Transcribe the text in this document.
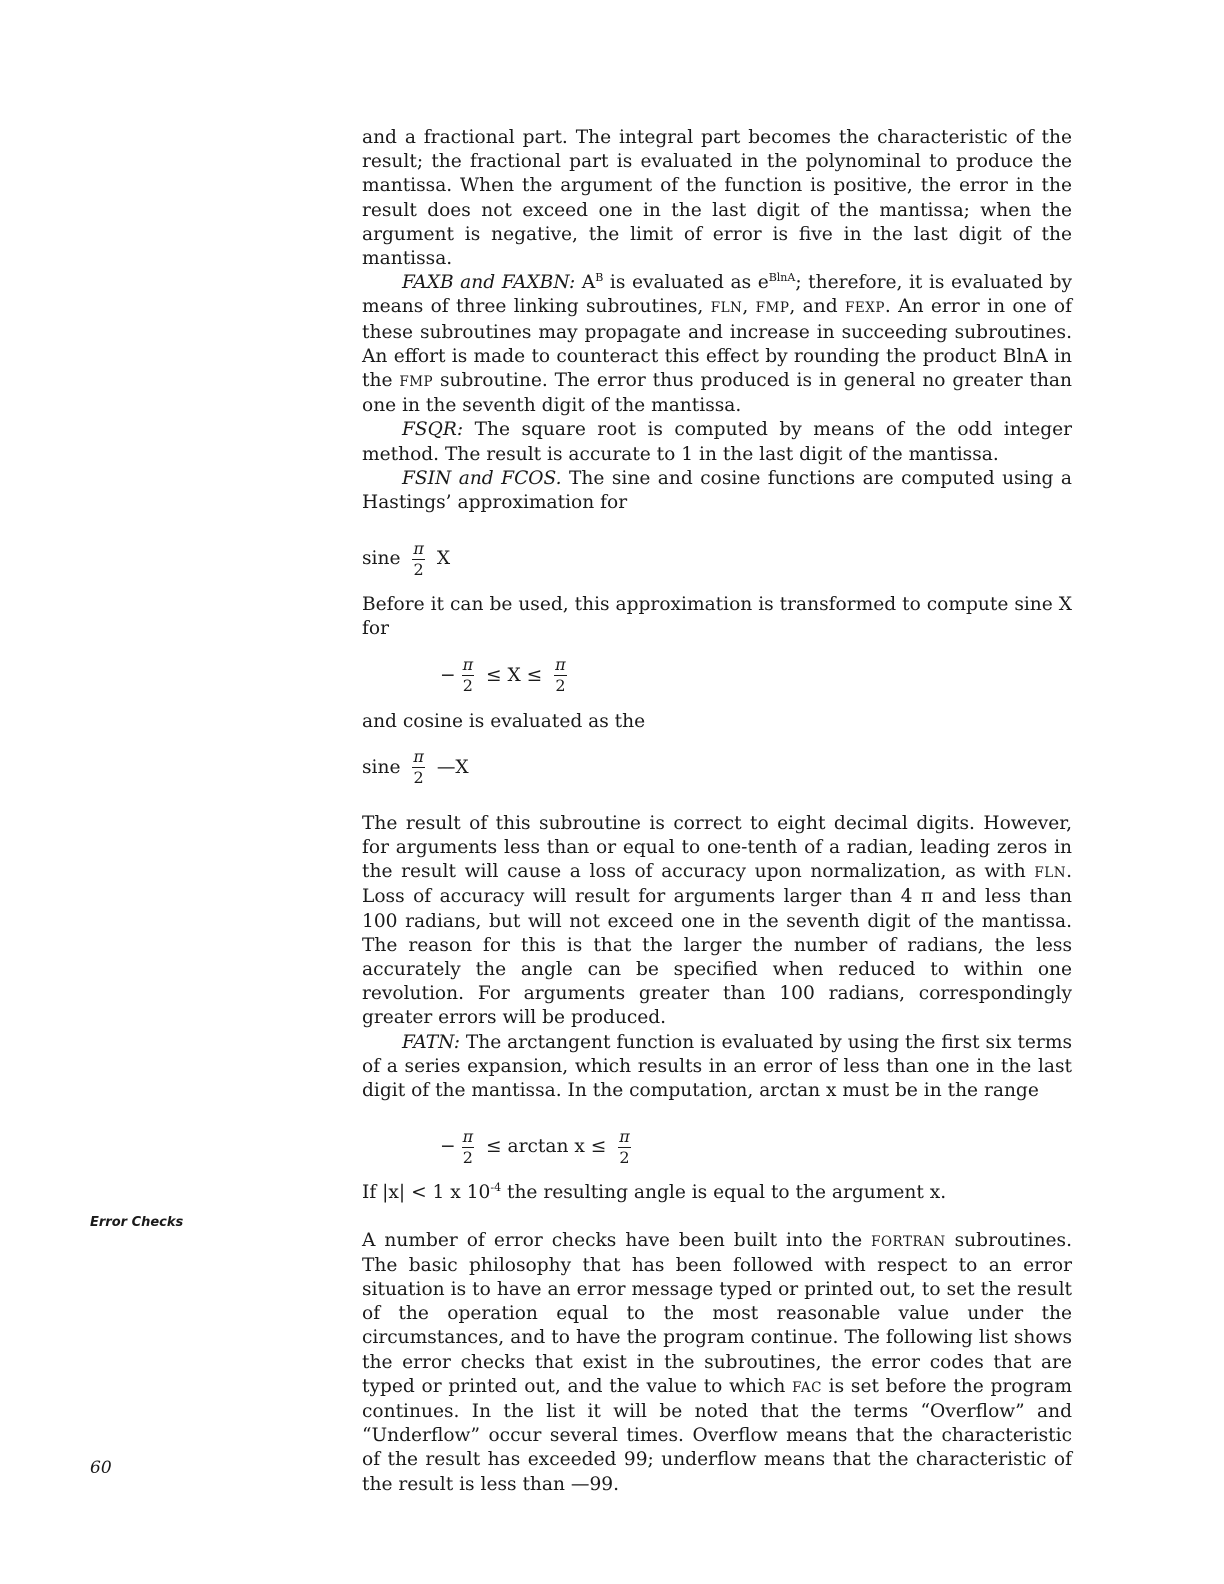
and a fractional part. The integral part becomes the characteristic of the result; the fractional part is evaluated in the polynominal to produce the mantissa. When the argument of the function is positive, the error in the result does not exceed one in the last digit of the mantissa; when the argument is negative, the limit of error is five in the last digit of the mantissa.

FAXB and FAXBN: $A^B$ is evaluated as $e^{BlnA}$; therefore, it is evaluated by means of three linking subroutines, FLN, FMP, and FEXP. An error in one of these subroutines may propagate and increase in succeeding subroutines. An effort is made to counteract this effect by rounding the product BlnA in the FMP subroutine. The error thus produced is in general no greater than one in the seventh digit of the mantissa.

FSQR: The square root is computed by means of the odd integer method. The result is accurate to 1 in the last digit of the mantissa.

FSIN and FCOS. The sine and cosine functions are computed using a Hastings’ approximation for

sine $\frac{\pi}{2}$ X

Before it can be used, this approximation is transformed to compute sine X for

− $\frac{\pi}{2} \le X \le \frac{\pi}{2}$

and cosine is evaluated as the

sine $\frac{\pi}{2}$ —X

The result of this subroutine is correct to eight decimal digits. However, for arguments less than or equal to one-tenth of a radian, leading zeros in the result will cause a loss of accuracy upon normalization, as with FLN. Loss of accuracy will result for arguments larger than 4 π and less than 100 radians, but will not exceed one in the seventh digit of the mantissa. The reason for this is that the larger the number of radians, the less accurately the angle can be specified when reduced to within one revolution. For arguments greater than 100 radians, correspondingly greater errors will be produced.

FATN: The arctangent function is evaluated by using the first six terms of a series expansion, which results in an error of less than one in the last digit of the mantissa. In the computation, arctan x must be in the range

− $\frac{\pi}{2} \le \arctan x \le \frac{\pi}{2}$

If |x| < 1 x $10^{-4}$ the resulting angle is equal to the argument x.

A number of error checks have been built into the FORTRAN subroutines. The basic philosophy that has been followed with respect to an error situation is to have an error message typed or printed out, to set the result of the operation equal to the most reasonable value under the circumstances, and to have the program continue. The following list shows the error checks that exist in the subroutines, the error codes that are typed or printed out, and the value to which FAC is set before the program continues. In the list it will be noted that the terms “Overflow” and “Underflow” occur several times. Overflow means that the characteristic of the result has exceeded 99; underflow means that the characteristic of the result is less than —99.

Error Checks
60
